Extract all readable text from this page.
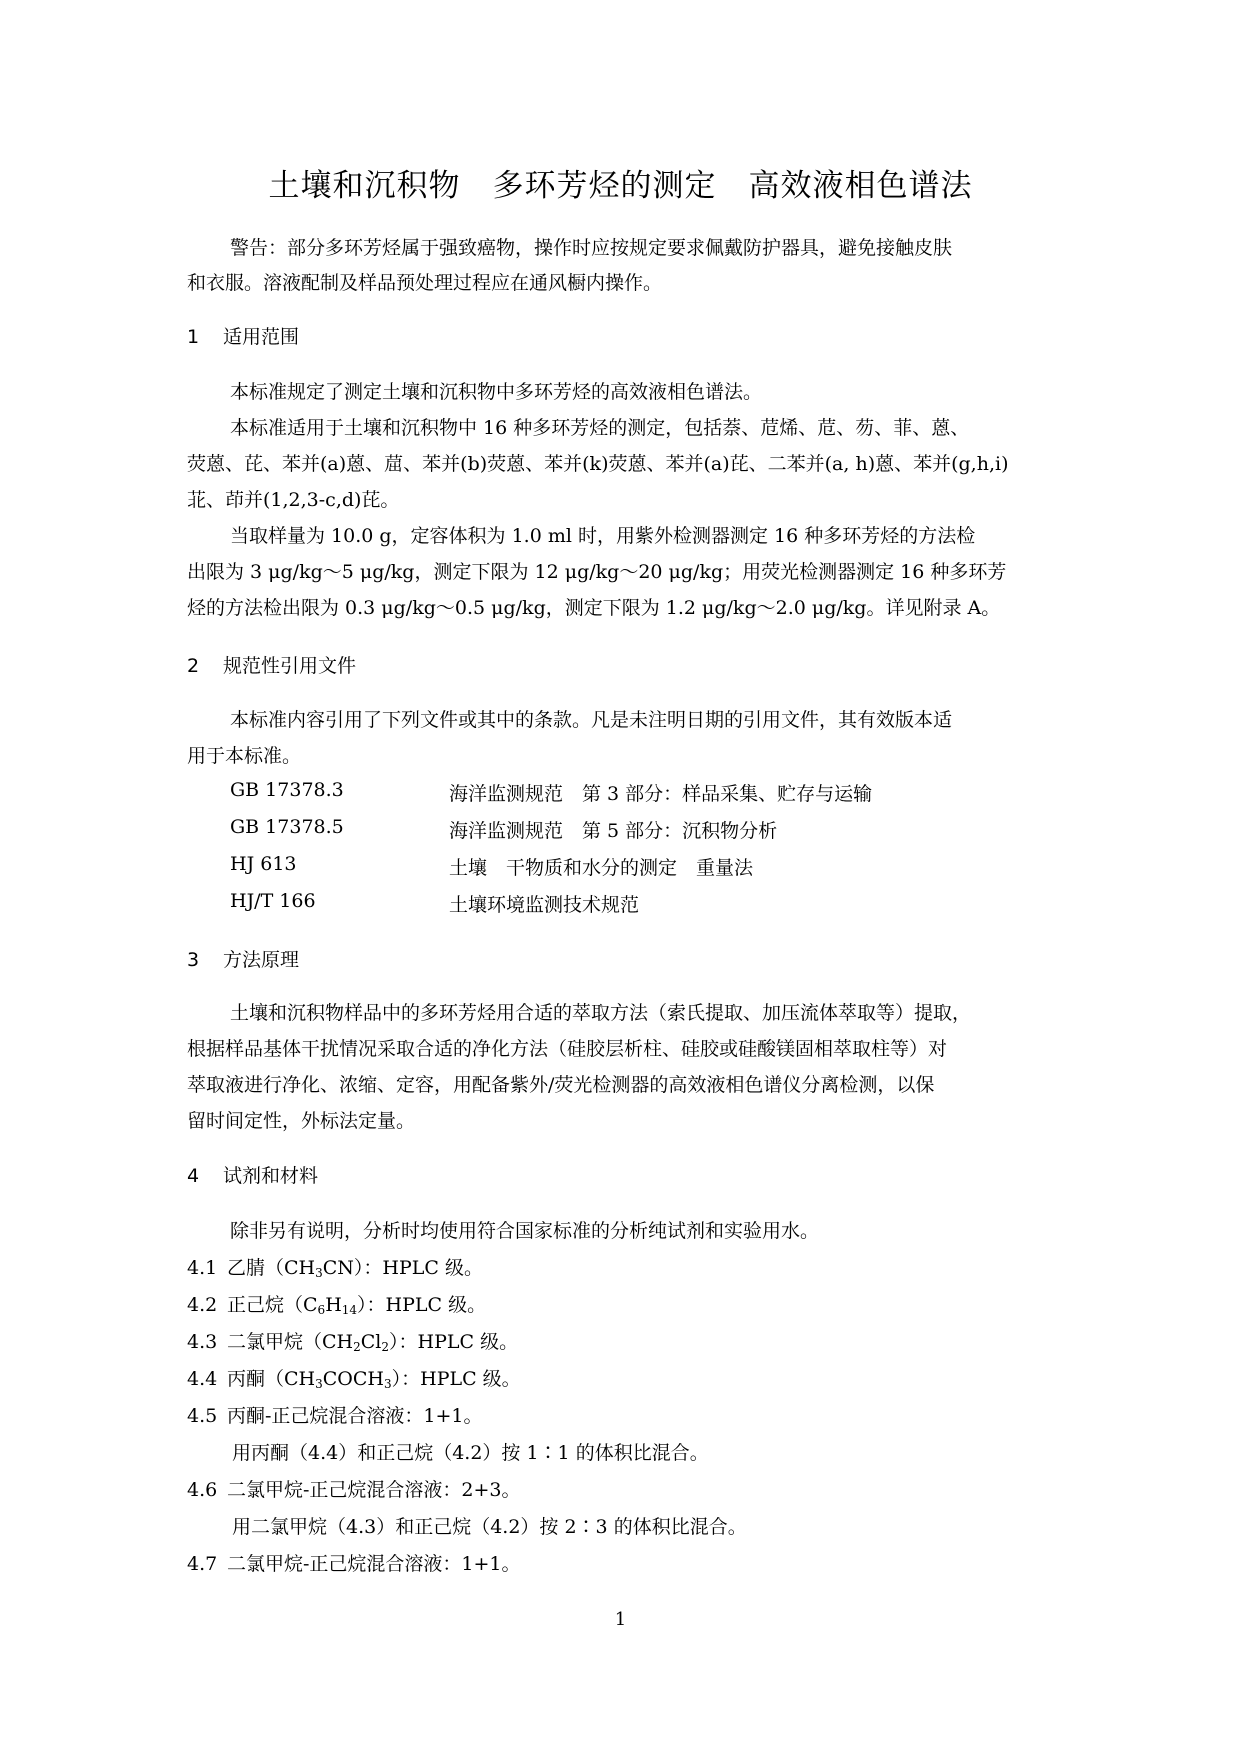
土壤和沉积物　多环芳烃的测定　高效液相色谱法
警告：部分多环芳烃属于强致癌物，操作时应按规定要求佩戴防护器具，避免接触皮肤
和衣服。溶液配制及样品预处理过程应在通风橱内操作。
1 适用范围
本标准规定了测定土壤和沉积物中多环芳烃的高效液相色谱法。
本标准适用于土壤和沉积物中 16 种多环芳烃的测定，包括萘、苊烯、苊、芴、菲、蒽、
荧蒽、芘、苯并(a)蒽、䓛、苯并(b)荧蒽、苯并(k)荧蒽、苯并(a)芘、二苯并(a, h)蒽、苯并(g,h,i)
苝、茚并(1,2,3-c,d)芘。
当取样量为 10.0 g，定容体积为 1.0 ml 时，用紫外检测器测定 16 种多环芳烃的方法检
出限为 3 μg/kg～5 μg/kg，测定下限为 12 μg/kg～20 μg/kg；用荧光检测器测定 16 种多环芳
烃的方法检出限为 0.3 μg/kg～0.5 μg/kg，测定下限为 1.2 μg/kg～2.0 μg/kg。详见附录 A。
2 规范性引用文件
本标准内容引用了下列文件或其中的条款。凡是未注明日期的引用文件，其有效版本适
用于本标准。
GB 17378.3	海洋监测规范　第 3 部分：样品采集、贮存与运输
GB 17378.5	海洋监测规范　第 5 部分：沉积物分析
HJ 613	土壤　干物质和水分的测定　重量法
HJ/T 166	土壤环境监测技术规范
3 方法原理
土壤和沉积物样品中的多环芳烃用合适的萃取方法（索氏提取、加压流体萃取等）提取，
根据样品基体干扰情况采取合适的净化方法（硅胶层析柱、硅胶或硅酸镁固相萃取柱等）对
萃取液进行净化、浓缩、定容，用配备紫外/荧光检测器的高效液相色谱仪分离检测，以保
留时间定性，外标法定量。
4 试剂和材料
除非另有说明，分析时均使用符合国家标准的分析纯试剂和实验用水。
4.1 乙腈$(CH_3CN)$：HPLC 级。
4.2 正己烷$(C_6H_{14})$：HPLC 级。
4.3 二氯甲烷$(CH_2Cl_2)$：HPLC 级。
4.4 丙酮$(CH_3COCH_3)$：HPLC 级。
4.5 丙酮-正己烷混合溶液：1+1。
用丙酮（4.4）和正己烷（4.2）按 1∶1 的体积比混合。
4.6 二氯甲烷-正己烷混合溶液：2+3。
用二氯甲烷（4.3）和正己烷（4.2）按 2∶3 的体积比混合。
4.7 二氯甲烷-正己烷混合溶液：1+1。
1
